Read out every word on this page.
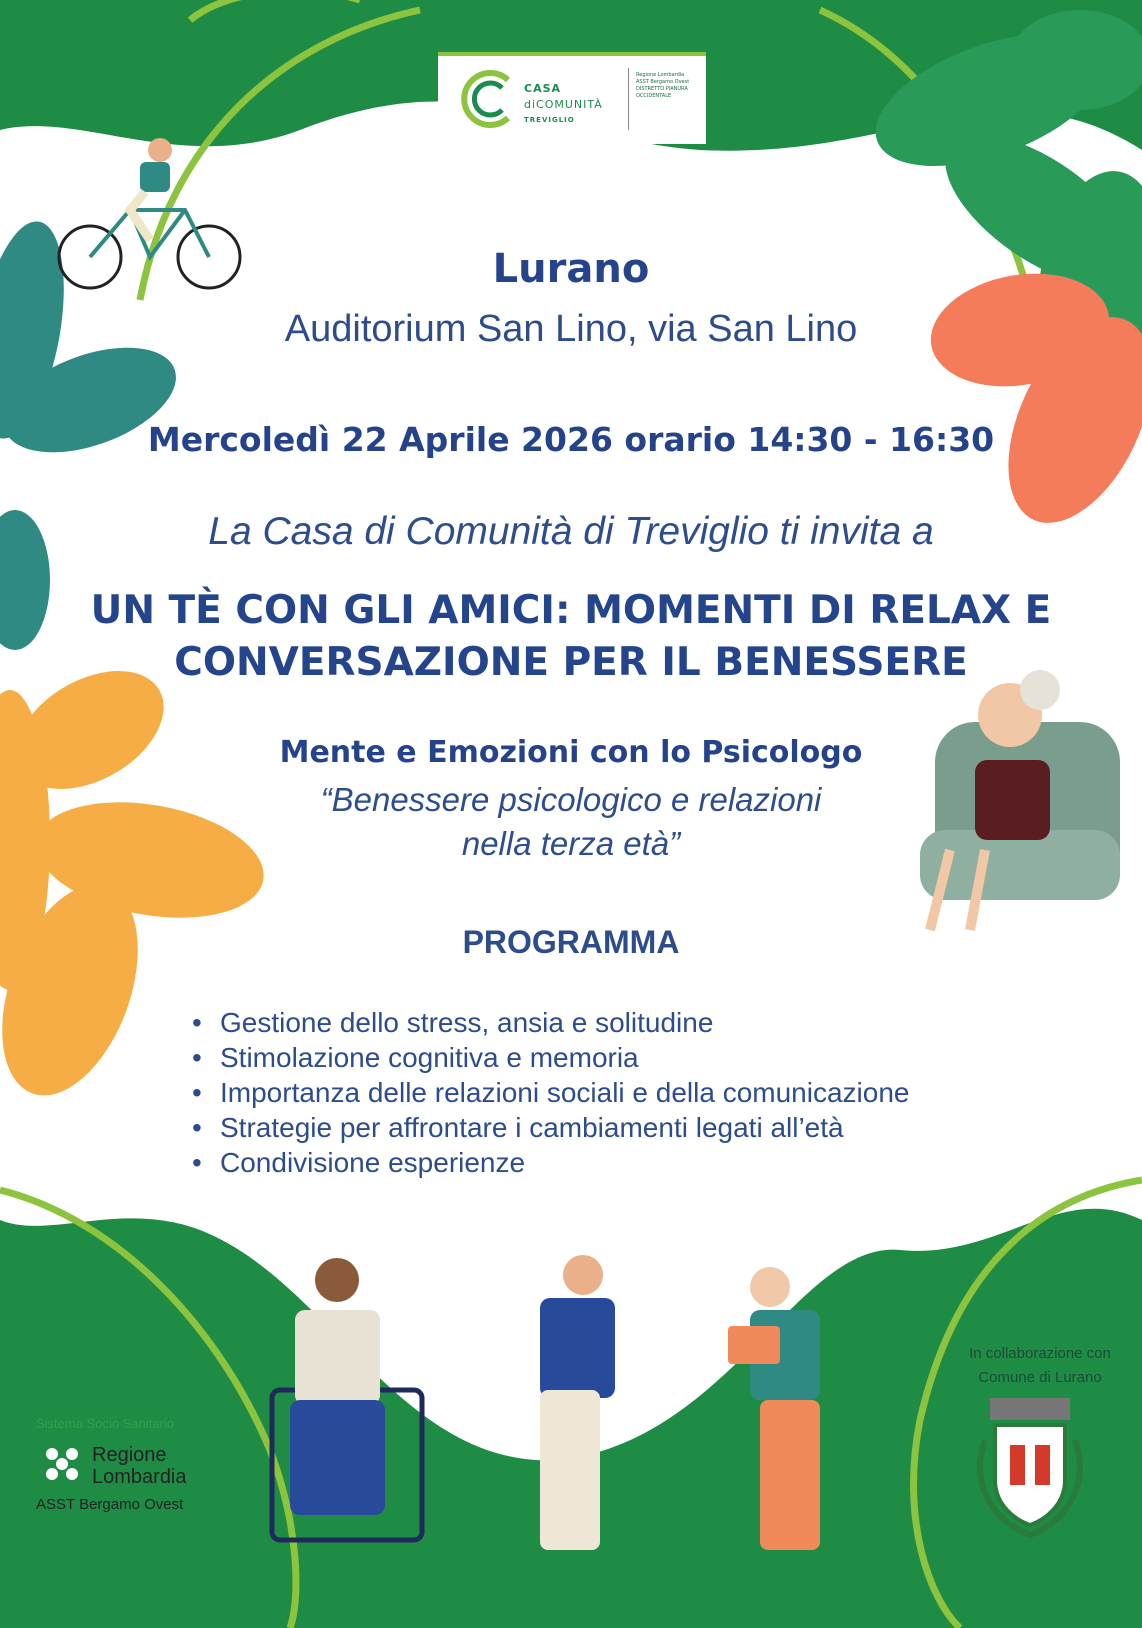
CASA
diCOMUNITÀ
TREVIGLIO
Regione Lombardia
ASST Bergamo Ovest
DISTRETTO PIANURA OCCIDENTALE
Lurano
Auditorium San Lino, via San Lino
Mercoledì 22 Aprile 2026 orario 14:30 - 16:30
La Casa di Comunità di Treviglio ti invita a
UN TÈ CON GLI AMICI: MOMENTI DI RELAX E
CONVERSAZIONE PER IL BENESSERE
Mente e Emozioni con lo Psicologo
“Benessere psicologico e relazioni
nella terza età”
PROGRAMMA
• Gestione dello stress, ansia e solitudine
• Stimolazione cognitiva e memoria
• Importanza delle relazioni sociali e della comunicazione
• Strategie per affrontare i cambiamenti legati all’età
• Condivisione esperienze
In collaborazione con
Comune di Lurano
Sistema Socio Sanitario
Regione
Lombardia
ASST Bergamo Ovest
